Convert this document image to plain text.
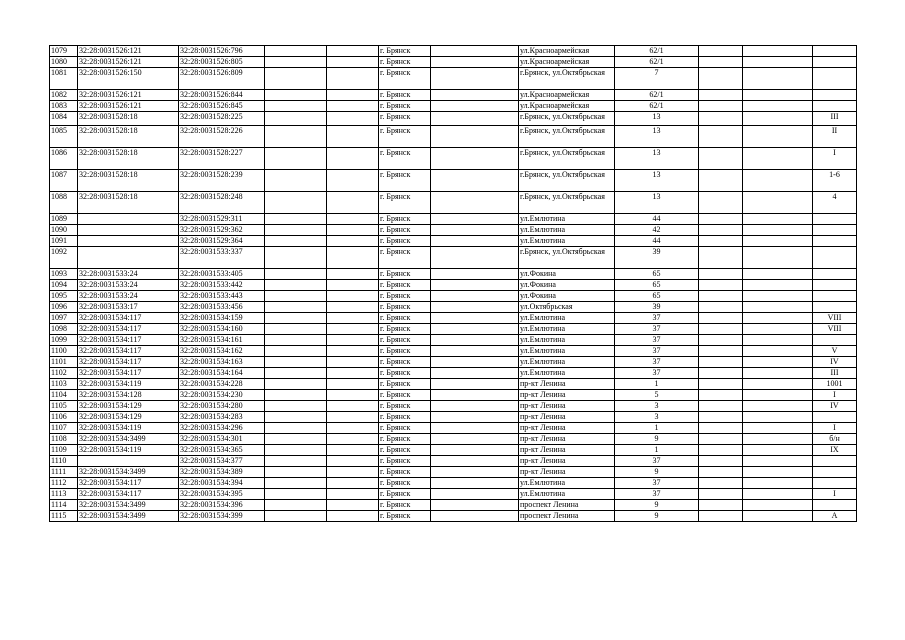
1079	32:28:0031526:121	32:28:0031526:796			г. Брянск		ул.Красноармейская	62/1			
1080	32:28:0031526:121	32:28:0031526:805			г. Брянск		ул.Красноармейская	62/1			
1081	32:28:0031526:150	32:28:0031526:809			г. Брянск		г.Брянск, ул.Октябрьская	7			
1082	32:28:0031526:121	32:28:0031526:844			г. Брянск		ул.Красноармейская	62/1			
1083	32:28:0031526:121	32:28:0031526:845			г. Брянск		ул.Красноармейская	62/1			
1084	32:28:0031528:18	32:28:0031528:225			г. Брянск		г.Брянск, ул.Октябрьская	13			III
1085	32:28:0031528:18	32:28:0031528:226			г. Брянск		г.Брянск, ул.Октябрьская	13			II
1086	32:28:0031528:18	32:28:0031528:227			г. Брянск		г.Брянск, ул.Октябрьская	13			I
1087	32:28:0031528:18	32:28:0031528:239			г. Брянск		г.Брянск, ул.Октябрьская	13			1-6
1088	32:28:0031528:18	32:28:0031528:248			г. Брянск		г.Брянск, ул.Октябрьская	13			4
1089		32:28:0031529:311			г. Брянск		ул.Емлютина	44			
1090		32:28:0031529:362			г. Брянск		ул.Емлютина	42			
1091		32:28:0031529:364			г. Брянск		ул.Емлютина	44			
1092		32:28:0031533:337			г. Брянск		г.Брянск, ул.Октябрьская	39			
1093	32:28:0031533:24	32:28:0031533:405			г. Брянск		ул.Фокина	65			
1094	32:28:0031533:24	32:28:0031533:442			г. Брянск		ул.Фокина	65			
1095	32:28:0031533:24	32:28:0031533:443			г. Брянск		ул.Фокина	65			
1096	32:28:0031533:17	32:28:0031533:456			г. Брянск		ул.Октябрьская	39			
1097	32:28:0031534:117	32:28:0031534:159			г. Брянск		ул.Емлютина	37			VIII
1098	32:28:0031534:117	32:28:0031534:160			г. Брянск		ул.Емлютина	37			VIII
1099	32:28:0031534:117	32:28:0031534:161			г. Брянск		ул.Емлютина	37			
1100	32:28:0031534:117	32:28:0031534:162			г. Брянск		ул.Емлютина	37			V
1101	32:28:0031534:117	32:28:0031534:163			г. Брянск		ул.Емлютина	37			IV
1102	32:28:0031534:117	32:28:0031534:164			г. Брянск		ул.Емлютина	37			III
1103	32:28:0031534:119	32:28:0031534:228			г. Брянск		пр-кт Ленина	1			1001
1104	32:28:0031534:128	32:28:0031534:230			г. Брянск		пр-кт Ленина	5			I
1105	32:28:0031534:129	32:28:0031534:280			г. Брянск		пр-кт Ленина	3			IV
1106	32:28:0031534:129	32:28:0031534:283			г. Брянск		пр-кт Ленина	3			
1107	32:28:0031534:119	32:28:0031534:296			г. Брянск		пр-кт Ленина	1			I
1108	32:28:0031534:3499	32:28:0031534:301			г. Брянск		пр-кт Ленина	9			б/н
1109	32:28:0031534:119	32:28:0031534:365			г. Брянск		пр-кт Ленина	1			IX
1110		32:28:0031534:377			г. Брянск		пр-кт Ленина	37			
1111	32:28:0031534:3499	32:28:0031534:389			г. Брянск		пр-кт Ленина	9			
1112	32:28:0031534:117	32:28:0031534:394			г. Брянск		ул.Емлютина	37			
1113	32:28:0031534:117	32:28:0031534:395			г. Брянск		ул.Емлютина	37			I
1114	32:28:0031534:3499	32:28:0031534:396			г. Брянск		проспект Ленина	9			
1115	32:28:0031534:3499	32:28:0031534:399			г. Брянск		проспект Ленина	9			А
